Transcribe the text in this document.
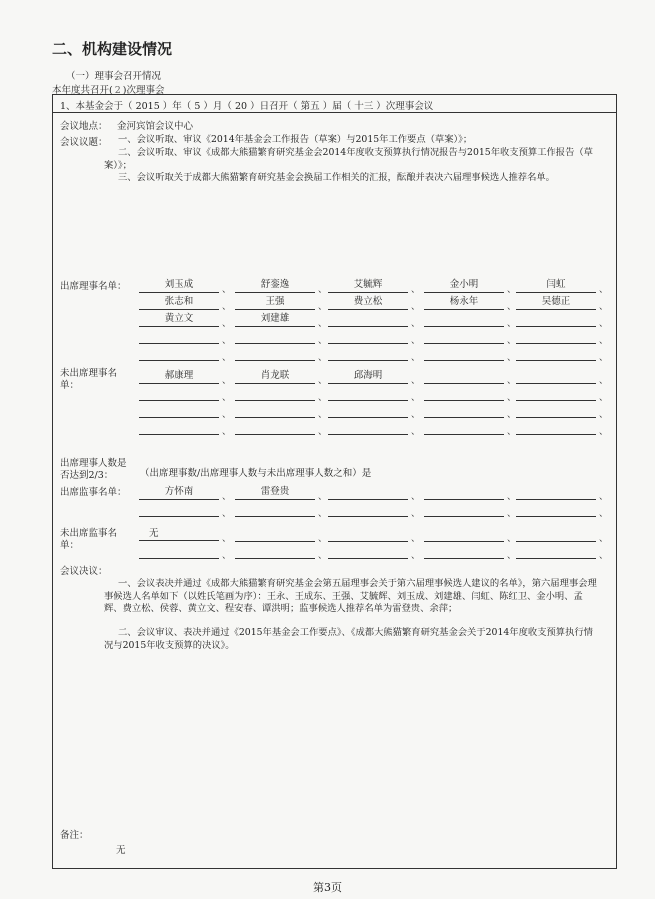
二、机构建设情况
（一）理事会召开情况
本年度共召开( 2 )次理事会
1、本基金会于（ 2015 ）年（ 5 ）月（ 20 ）日召开（ 第五 ）届（ 十三 ）次理事会议
会议地点： 金河宾馆会议中心
会议议题：	一、会议听取、审议《2014年基金会工作报告（草案）与2015年工作要点（草案）》；
二、会议听取、审议《成都大熊猫繁育研究基金会2014年度收支预算执行情况报告与2015年收支预算工作报告（草案）》；
三、会议听取关于成都大熊猫繁育研究基金会换届工作相关的汇报，酝酿并表决六届理事候选人推荐名单。
出席理事名单：	刘玉成	舒銮逸	艾毓辉	金小明	闫虹
张志和	王强	费立松	杨永年	吴德正
黄立文	刘建雄
未出席理事名单：
郝康理	肖龙联	邱海明
出席理事人数是否达到2/3：	（出席理事数/出席理事人数与未出席理事人数之和）是
出席监事名单：	方怀南	雷登贵
未出席监事名单：
无
会议决议：
一、会议表决并通过《成都大熊猫繁育研究基金会第五届理事会关于第六届理事候选人建议的名单》，第六届理事会理事候选人名单如下（以姓氏笔画为序）：王永、王成东、王强、艾毓辉、刘玉成、刘建雄、闫虹、陈红卫、金小明、孟辉、费立松、侯蓉、黄立文、程安春、谭洪明；监事候选人推荐名单为雷登贵、余萍；
二、会议审议、表决并通过《2015年基金会工作要点》、《成都大熊猫繁育研究基金会关于2014年度收支预算执行情况与2015年收支预算的决议》。
备注：
无
第3页
、	、	、	、	、
、	、	、	、	、
、	、	、	、	、
、	、	、	、	、
、	、	、	、	、
、	、	、	、	、
、	、	、	、	、
、	、	、	、	、
、	、	、	、	、
、	、	、	、	、
、	、	、	、	、
、	、	、	、	、
、	、	、	、	、
